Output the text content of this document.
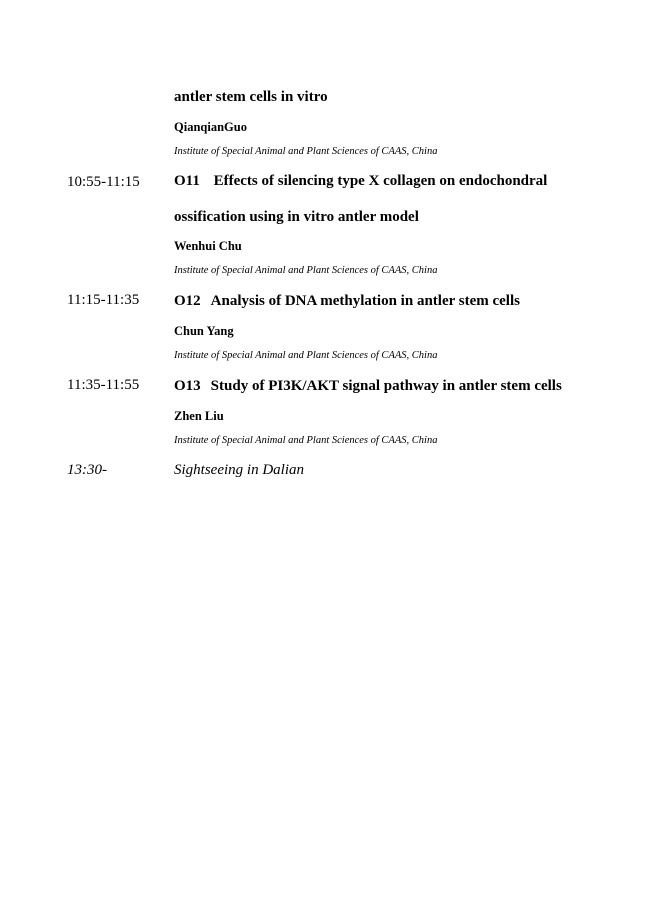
antler stem cells in vitro
QianqianGuo
Institute of Special Animal and Plant Sciences of CAAS, China
10:55-11:15 O11 Effects of silencing type X collagen on endochondral
ossification using in vitro antler model
Wenhui Chu
Institute of Special Animal and Plant Sciences of CAAS, China
11:15-11:35 O12 Analysis of DNA methylation in antler stem cells
Chun Yang
Institute of Special Animal and Plant Sciences of CAAS, China
11:35-11:55 O13 Study of PI3K/AKT signal pathway in antler stem cells
Zhen Liu
Institute of Special Animal and Plant Sciences of CAAS, China
13:30-	Sightseeing in Dalian
